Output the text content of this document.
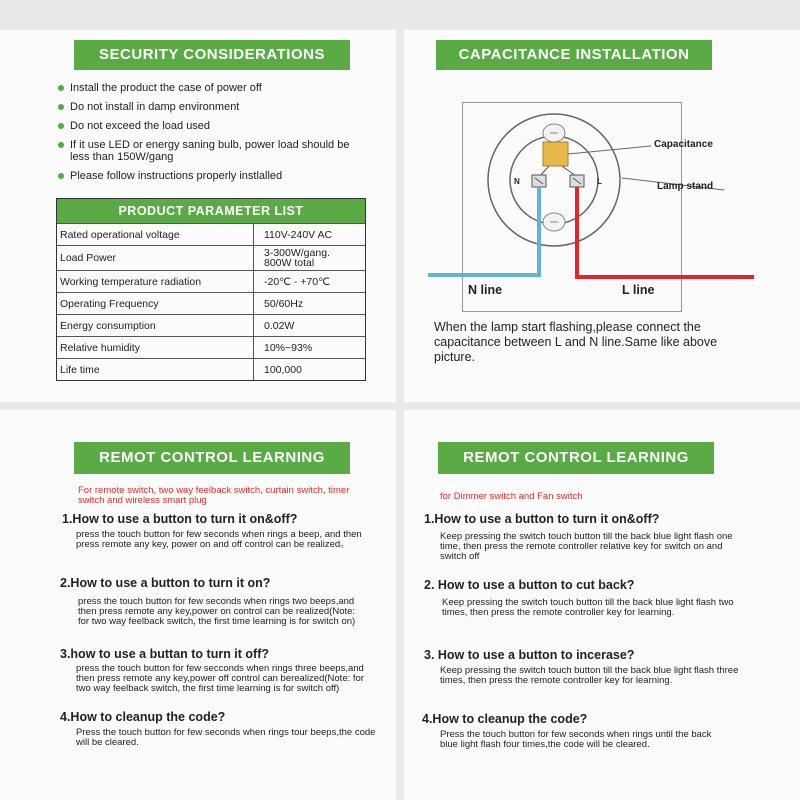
SECURITY CONSIDERATIONS
Install the product the case of power off
Do not install in damp environment
Do not exceed the load used
If it use LED or energy saning bulb, power load should be less than 150W/gang
Please follow instructions properly instlalled
PRODUCT PARAMETER LIST
Rated operational voltage	110V-240V AC
Load Power	3-300W/gang. 800W total
Working temperature radiation	-20℃ - +70℃
Operating Frequency	50/60Hz
Energy consumption	0.02W
Relative humidity	10%~93%
Life time	100,000
CAPACITANCE INSTALLATION
N	L
Capacitance
Lamp stand
N line	L line
When the lamp start flashing,please connect the capacitance between L and N line.Same like above picture.
REMOT CONTROL LEARNING
For remote switch, two way feelback switch, curtain switch, timer switch and wireless smart plug
1.How to use a button to turn it on&off?
press the touch button for few seconds when rings a beep, and then press remote any key, power on and off control can be realized。
2.How to use a button to turn it on?
press the touch button for few seconds when rings two beeps,and then press remote any key,power on control can be realized(Note: for two way feelback switch, the first time learning is for switch on)
3.how to use a buttan to turn it off?
press the touch button for few secconds when rings three beeps,and then press remote any key,power off control can berealized(Note: for two way feelback switch, the first time learning is for switch off)
4.How to cleanup the code?
Press the touch button for few seconds when rings tour beeps,the code will be cleared.
REMOT CONTROL LEARNING
for Dimmer switch and Fan switch
1.How to use a button to turn it on&off?
Keep pressing the switch touch button till the back blue light flash one time, then press the remote controller relative key for switch on and switch off
2. How to use a button to cut back?
Keep pressing the switch touch button till the back blue light flash two times, then press the remote controller key for learning.
3. How to use a button to incerase?
Keep pressing the switch touch button till the back blue light flash three times, then press the remote controller key for learning.
4.How to cleanup the code?
Press the touch button for few seconds when rings until the back blue light flash four times,the code will be cleared.
